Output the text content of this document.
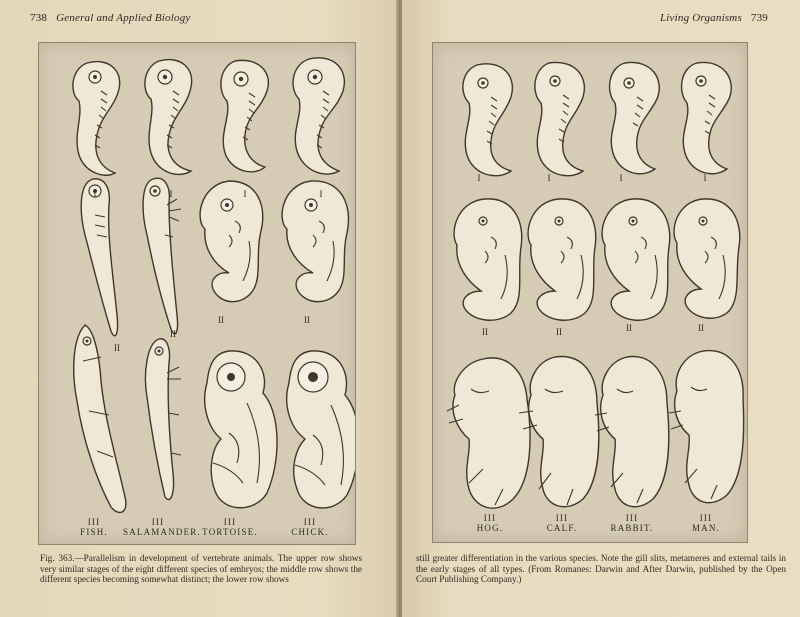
738 General and Applied Biology
I	I	I	I
II
II
II	II
III
FISH.
III
SALAMANDER.
III
TORTOISE.
III
CHICK.
Fig. 363.—Parallelism in development of vertebrate animals. The upper row shows very similar stages of the eight different species of embryos; the middle row shows the different species becoming somewhat distinct; the lower row shows
Living Organisms 739
I	I	I	I
II	II	II	II
III
HOG.
III
CALF.
III
RABBIT.
III
MAN.
still greater differentiation in the various species. Note the gill slits, metameres and external tails in the early stages of all types. (From Romanes: Darwin and After Darwin, published by the Open Court Publishing Company.)
